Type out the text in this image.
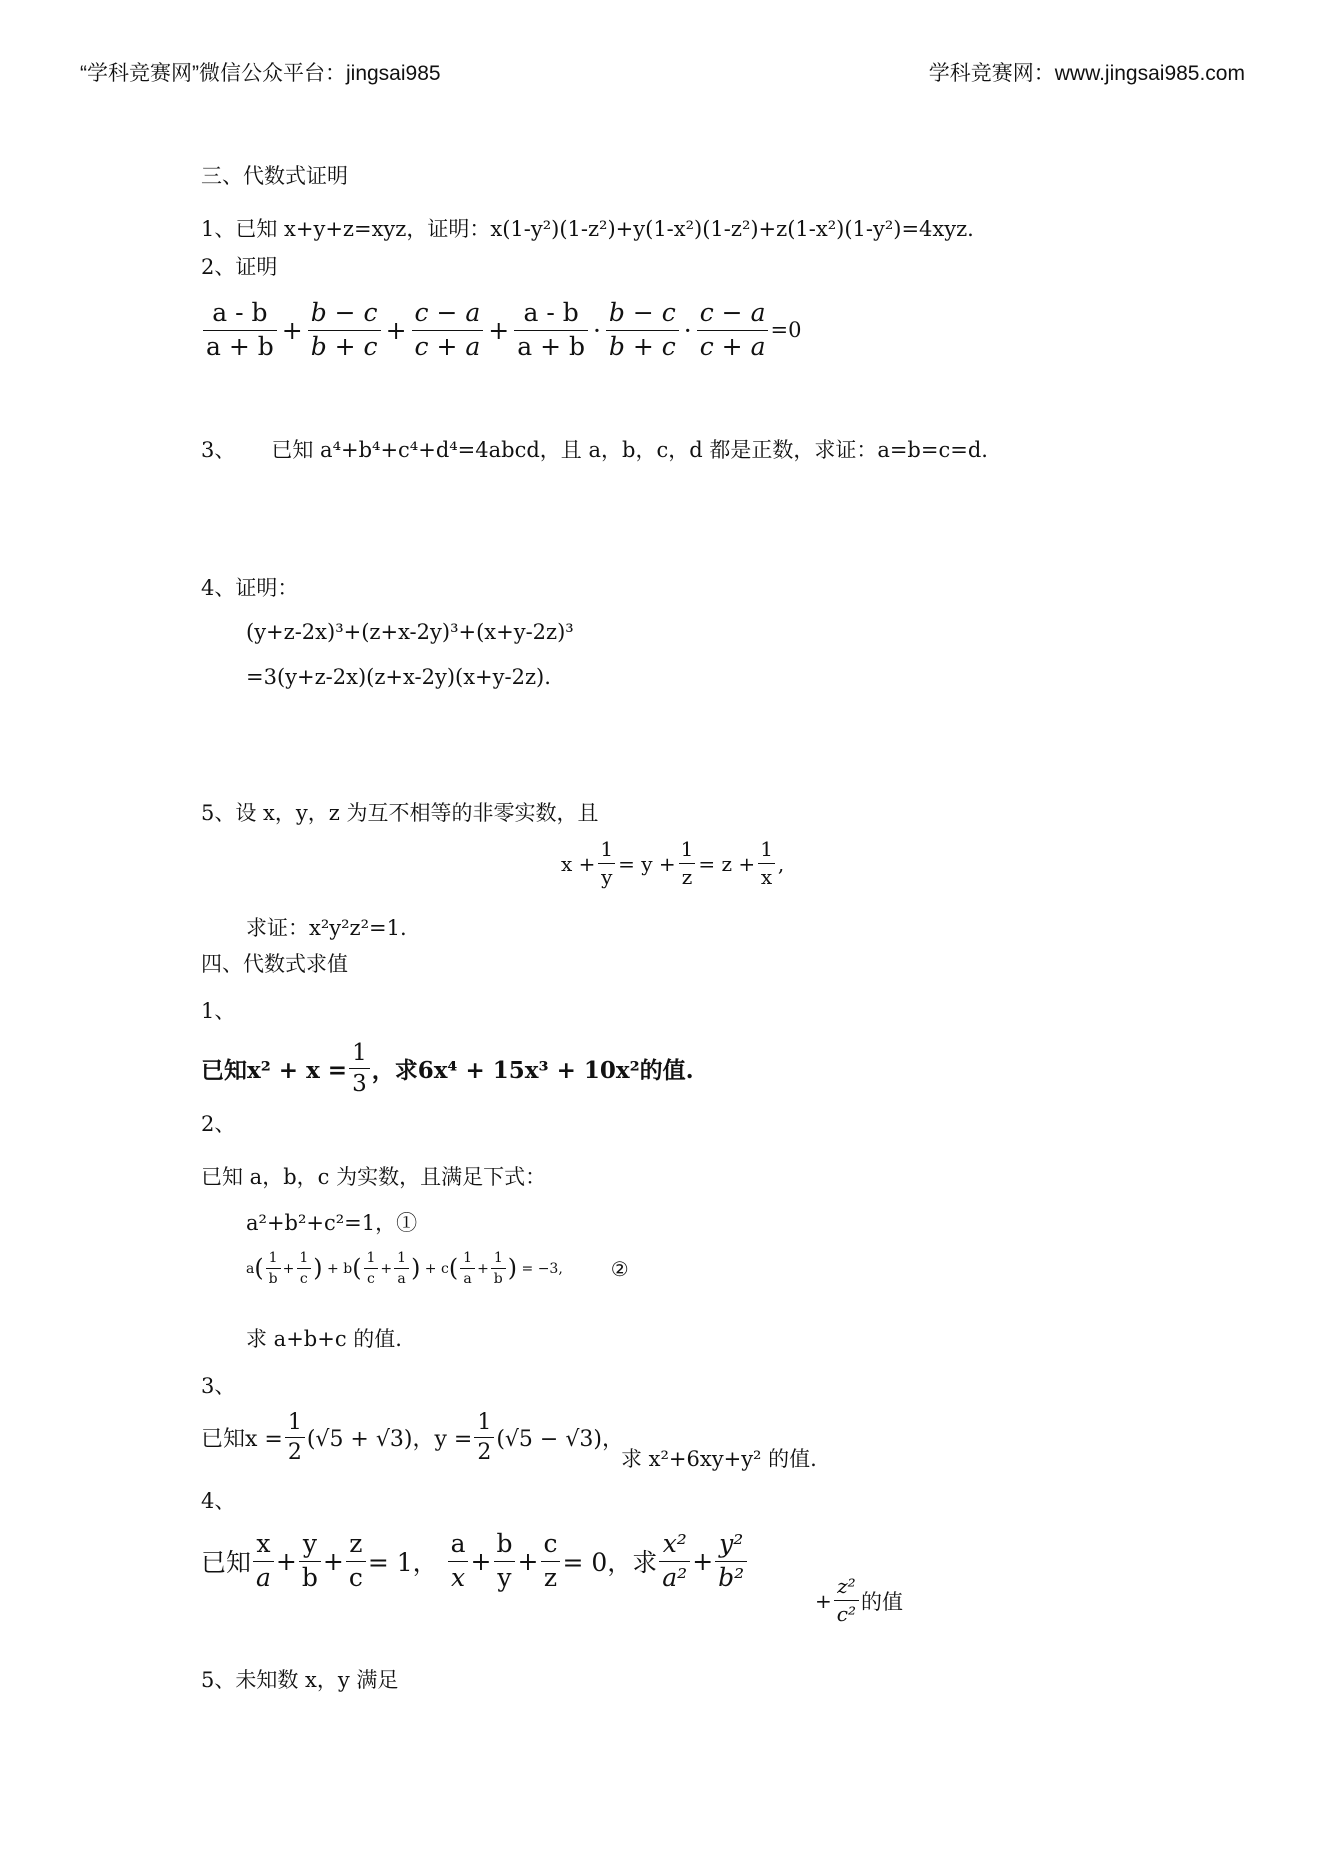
“学科竞赛网”微信公众平台：jingsai985	学科竞赛网：www.jingsai985.com
三、代数式证明
1、已知 x+y+z=xyz，证明：x(1-y²)(1-z²)+y(1-x²)(1-z²)+z(1-x²)(1-y²)=4xyz.
2、证明
$\frac{a - b}{a + b} + \frac{b - c}{b + c} + \frac{c - a}{c + a} + \frac{a - b}{a + b} \cdot \frac{b - c}{b + c} \cdot \frac{c - a}{c + a} =0$
3、 已知 a⁴+b⁴+c⁴+d⁴=4abcd，且 a，b，c，d 都是正数，求证：a=b=c=d.
4、证明：
(y+z-2x)³+(z+x-2y)³+(x+y-2z)³
=3(y+z-2x)(z+x-2y)(x+y-2z).
5、设 x，y，z 为互不相等的非零实数，且
$x + \frac{1}{y} = y + \frac{1}{z} = z + \frac{1}{x}$ ,
求证：x²y²z²=1.
四、代数式求值
1、
已知$x^2 + x = \frac{1}{3}$ ，求6x⁴ + 15x³ + 10x²的值.
2、
已知 a，b，c 为实数，且满足下式：
a²+b²+c²=1，①
a ( $\frac{1}{b} + \frac{1}{c}$ ) + b ( $\frac{1}{c} + \frac{1}{a}$ ) + c ( $\frac{1}{a} + \frac{1}{b}$ )
= −3, ②
求 a+b+c 的值.
3、
已知$x = \frac{1}{2} (√5 + √3)$，$y = \frac{1}{2} (√5 - √3)$，
求 x²+6xy+y² 的值.
4、
已知 $\frac{x}{a} + \frac{y}{b} + \frac{z}{c} = 1$，
$\frac{a}{x} + \frac{b}{y} + \frac{c}{z} = 0$，求 $\frac{\text{x²}}{\text{a²}} + \frac{\text{y²}}{\text{b²}}$
+ $\frac{\text{z²}}{\text{c²}}$ 的值
5、未知数 x，y 满足
